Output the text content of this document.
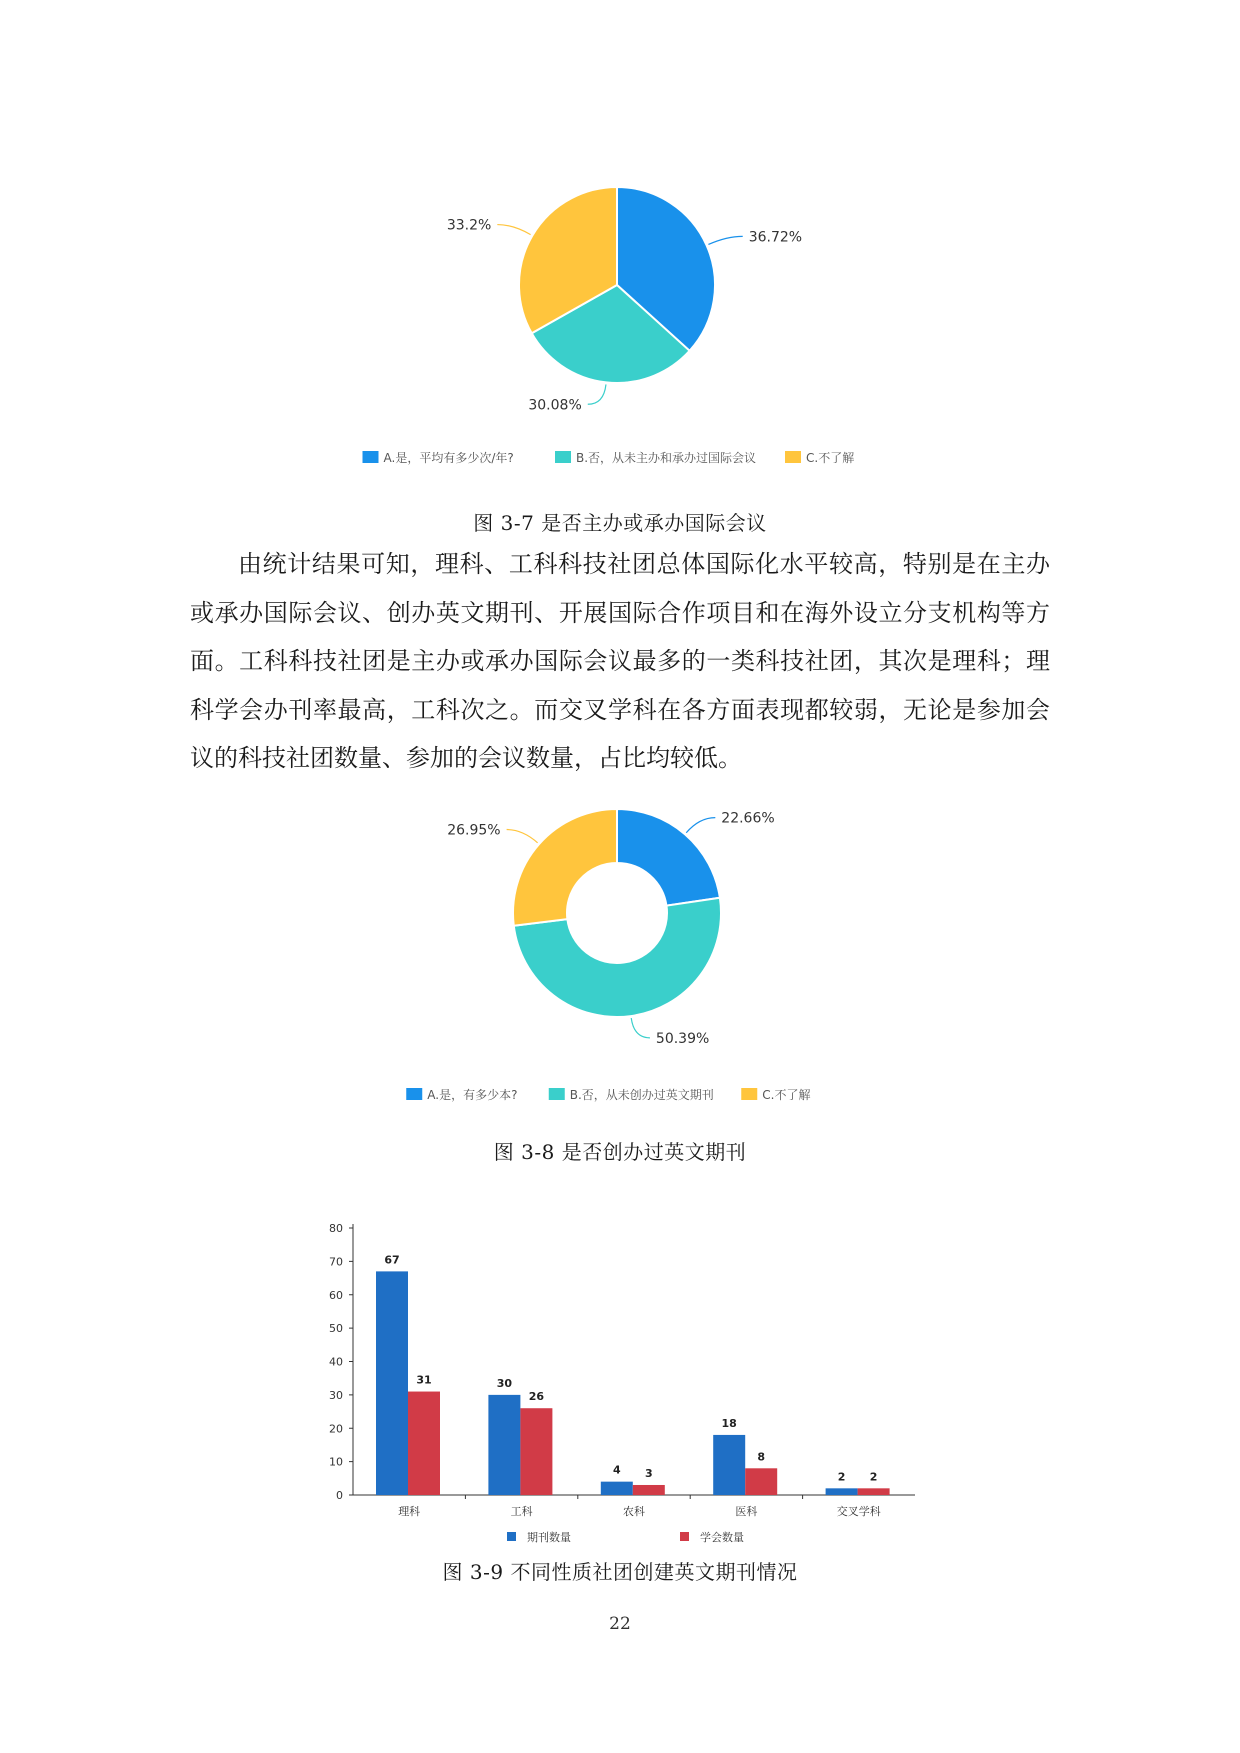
36.72%
30.08%
33.2%
A.是，平均有多少次/年?	B.否，从未主办和承办过国际会议	C.不了解
图 3-7 是否主办或承办国际会议

由统计结果可知，理科、工科科技社团总体国际化水平较高，特别是在主办或承办国际会议、创办英文期刊、开展国际合作项目和在海外设立分支机构等方面。工科科技社团是主办或承办国际会议最多的一类科技社团，其次是理科；理科学会办刊率最高，工科次之。而交叉学科在各方面表现都较弱，无论是参加会议的科技社团数量、参加的会议数量，占比均较低。

22.66%
50.39%
26.95%
A.是，有多少本?	B.否，从未创办过英文期刊	C.不了解
图 3-8 是否创办过英文期刊
0
10
20
30
40
50
60
70
80
67
31
理科
30
26
工科
4 3
农科
18
8
医科
2 2
交叉学科
期刊数量	学会数量
图 3-9 不同性质社团创建英文期刊情况
22
